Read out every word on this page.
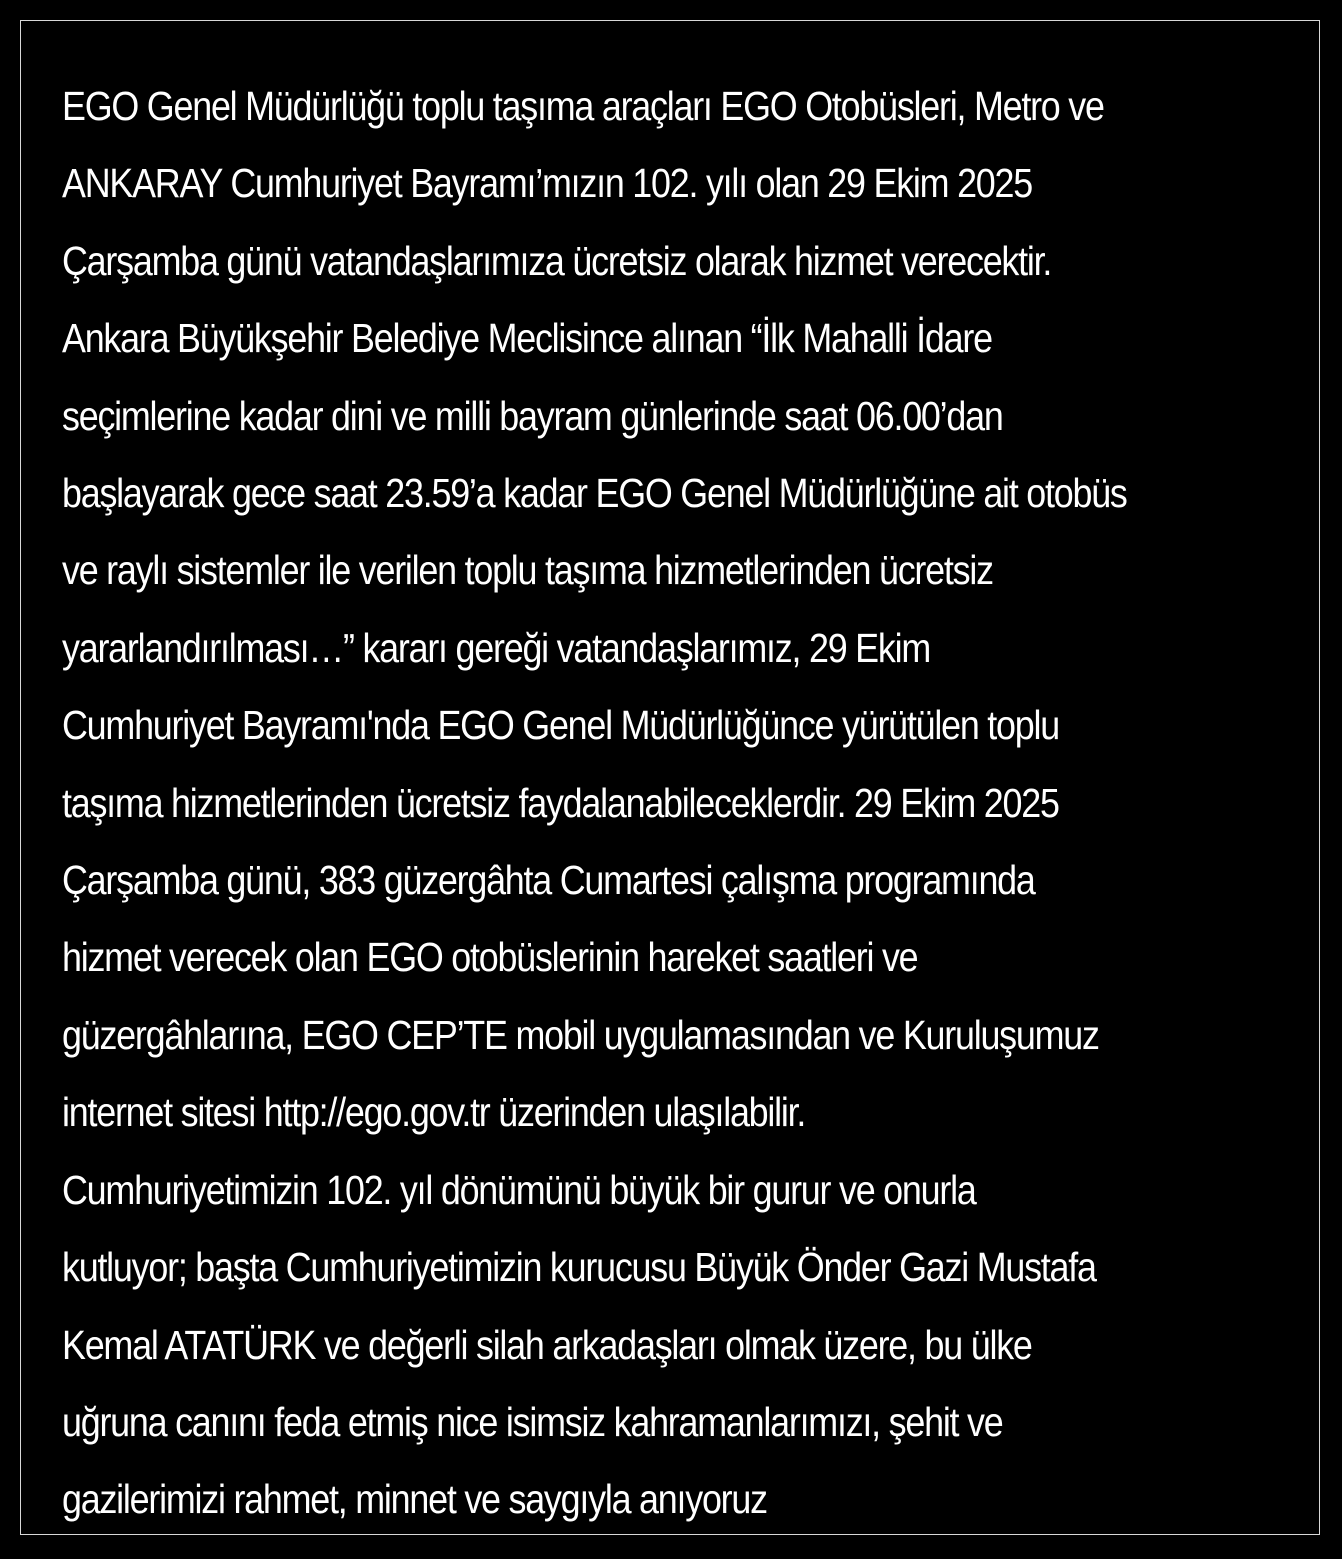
EGO Genel Müdürlüğü toplu taşıma araçları EGO Otobüsleri, Metro ve
ANKARAY Cumhuriyet Bayramı’mızın 102. yılı olan 29 Ekim 2025
Çarşamba günü vatandaşlarımıza ücretsiz olarak hizmet verecektir.
Ankara Büyükşehir Belediye Meclisince alınan “İlk Mahalli İdare
seçimlerine kadar dini ve milli bayram günlerinde saat 06.00’dan
başlayarak gece saat 23.59’a kadar EGO Genel Müdürlüğüne ait otobüs
ve raylı sistemler ile verilen toplu taşıma hizmetlerinden ücretsiz
yararlandırılması…” kararı gereği vatandaşlarımız, 29 Ekim
Cumhuriyet Bayramı'nda EGO Genel Müdürlüğünce yürütülen toplu
taşıma hizmetlerinden ücretsiz faydalanabileceklerdir. 29 Ekim 2025
Çarşamba günü, 383 güzergâhta Cumartesi çalışma programında
hizmet verecek olan EGO otobüslerinin hareket saatleri ve
güzergâhlarına, EGO CEP’TE mobil uygulamasından ve Kuruluşumuz
internet sitesi http://ego.gov.tr üzerinden ulaşılabilir.
Cumhuriyetimizin 102. yıl dönümünü büyük bir gurur ve onurla
kutluyor; başta Cumhuriyetimizin kurucusu Büyük Önder Gazi Mustafa
Kemal ATATÜRK ve değerli silah arkadaşları olmak üzere, bu ülke
uğruna canını feda etmiş nice isimsiz kahramanlarımızı, şehit ve
gazilerimizi rahmet, minnet ve saygıyla anıyoruz
